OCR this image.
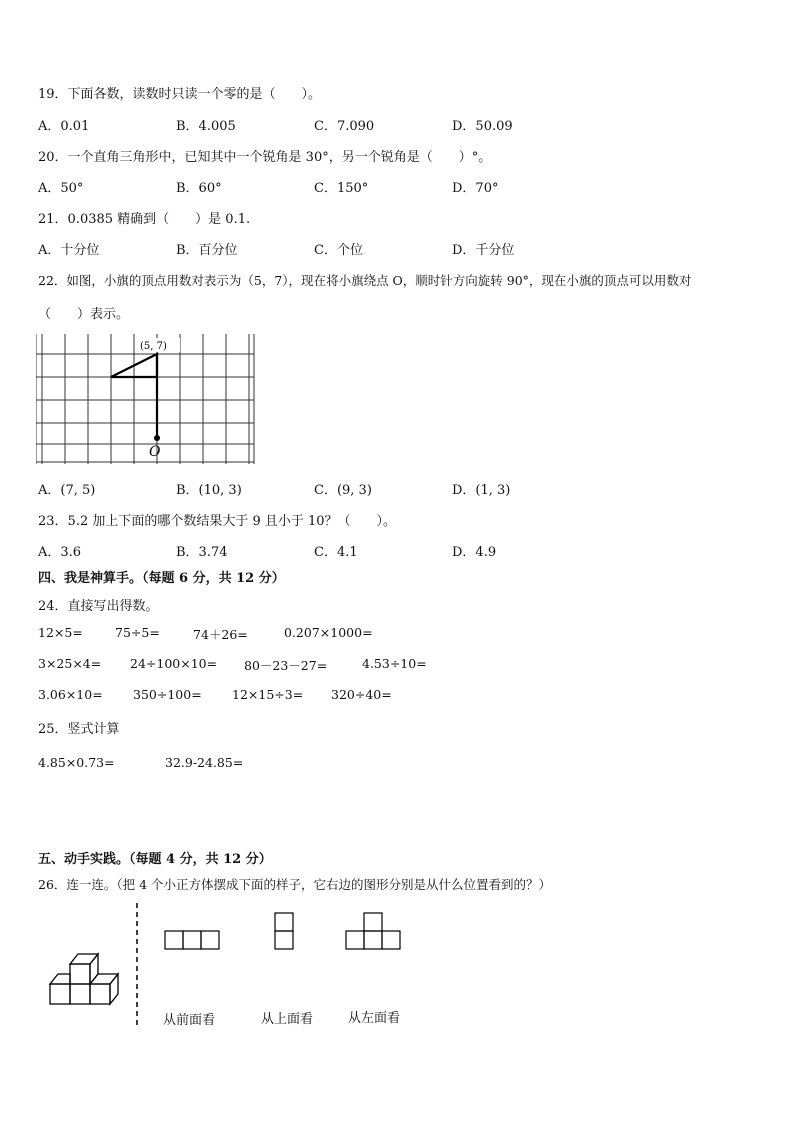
19．下面各数，读数时只读一个零的是（　　）。
A．0.01	B．4.005	C．7.090	D．50.09
20．一个直角三角形中，已知其中一个锐角是 30°，另一个锐角是（　　）°。
A．50°	B．60°	C．150°	D．70°
21．0.0385 精确到（　　）是 0.1.
A．十分位	B．百分位	C．个位	D．千分位
22．如图，小旗的顶点用数对表示为（5，7），现在将小旗绕点 O，顺时针方向旋转 90°，现在小旗的顶点可以用数对
（　　）表示。
(5, 7)
O
A．(7, 5)	B．(10, 3)	C．(9, 3)	D．(1, 3)
23．5.2 加上下面的哪个数结果大于 9 且小于 10？（　　）。
A．3.6	B．3.74	C．4.1	D．4.9
四、我是神算手。（每题 6 分，共 12 分）
24．直接写出得数。
12×5=	75÷5=	74＋26=	0.207×1000=
3×25×4= 24÷100×10= 80－23－27=	4.53÷10=
3.06×10= 350÷100= 12×15÷3= 320÷40=
25．竖式计算
4.85×0.73=	32.9-24.85=
五、动手实践。（每题 4 分，共 12 分）
26．连一连。（把 4 个小正方体摆成下面的样子，它右边的图形分别是从什么位置看到的？）
从前面看	从上面看	从左面看
